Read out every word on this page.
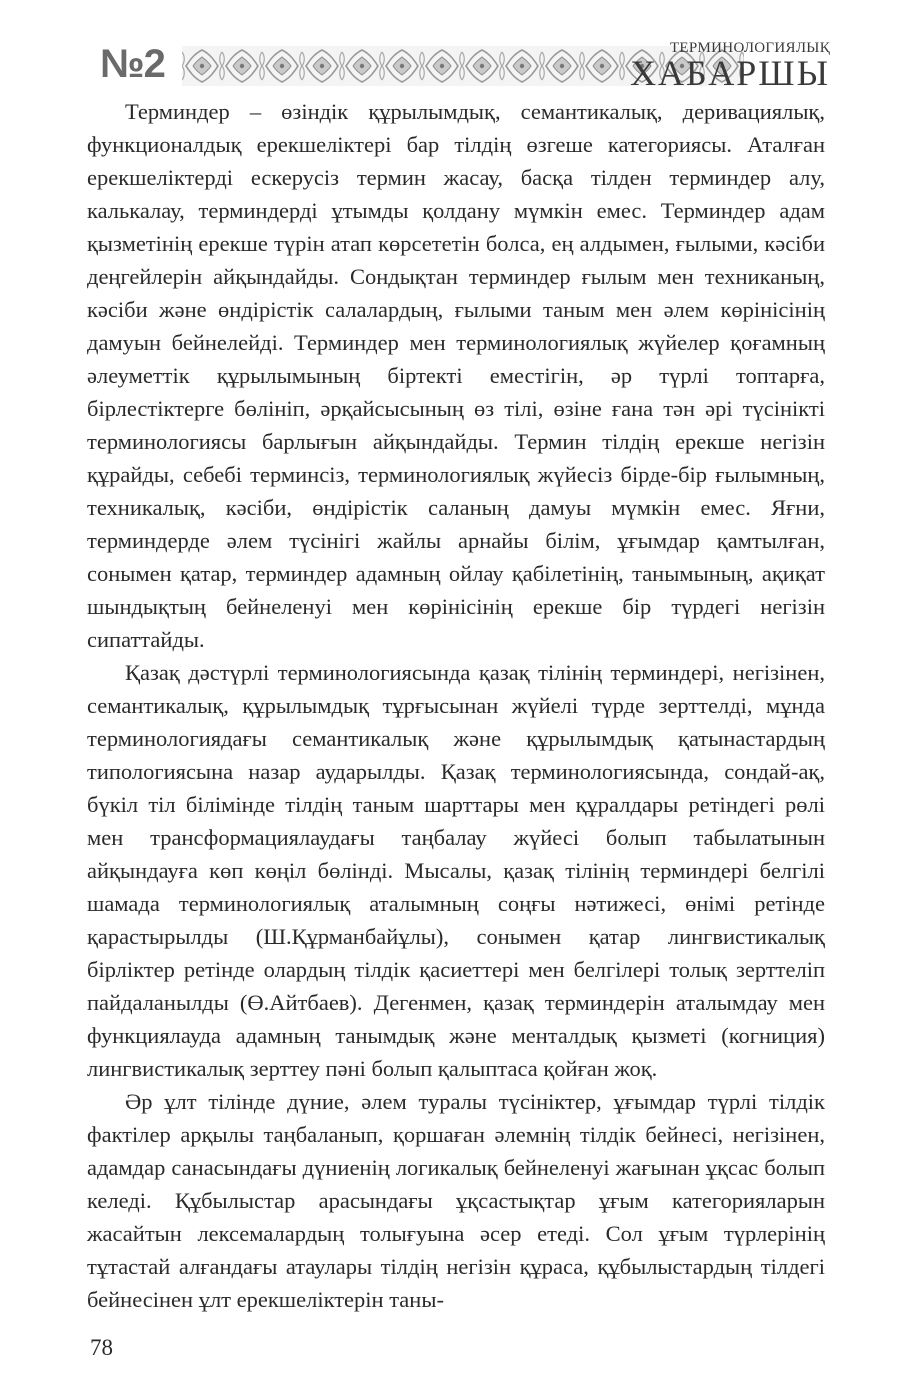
№2	ТЕРМИНОЛОГИЯЛЫҚ
ХАБАРШЫ

Терминдер – өзіндік құрылымдық, семантикалық, деривациялық, функционалдық ерекшеліктері бар тілдің өзгеше категориясы. Аталған ерекшеліктерді ескерусіз термин жасау, басқа тілден терминдер алу, калькалау, терминдерді ұтымды қолдану мүмкін емес. Терминдер адам қызметінің ерекше түрін атап көрсететін болса, ең алдымен, ғылыми, кәсіби деңгейлерін айқындайды. Сондықтан терминдер ғылым мен техниканың, кәсіби және өндірістік салалардың, ғылыми таным мен әлем көрінісінің дамуын бейнелейді. Терминдер мен терминологиялық жүйелер қоғамның әлеуметтік құрылымының біртекті еместігін, әр түрлі топтарға, бірлестіктерге бөлініп, әрқайсысының өз тілі, өзіне ғана тән әрі түсінікті терминологиясы барлығын айқындайды. Термин тілдің ерекше негізін құрайды, себебі терминсіз, терминологиялық жүйесіз бірде-бір ғылымның, техникалық, кәсіби, өндірістік саланың дамуы мүмкін емес. Яғни, терминдерде әлем түсінігі жайлы арнайы білім, ұғымдар қамтылған, сонымен қатар, терминдер адамның ойлау қабілетінің, танымының, ақиқат шындықтың бейнеленуі мен көрінісінің ерекше бір түрдегі негізін сипаттайды.

Қазақ дәстүрлі терминологиясында қазақ тілінің терминдері, негізінен, семантикалық, құрылымдық тұрғысынан жүйелі түрде зерттелді, мұнда терминологиядағы семантикалық және құрылымдық қатынастардың типологиясына назар аударылды. Қазақ терминологиясында, сондай-ақ, бүкіл тіл білімінде тілдің таным шарттары мен құралдары ретіндегі рөлі мен трансформациялаудағы таңбалау жүйесі болып табылатынын айқындауға көп көңіл бөлінді. Мысалы, қазақ тілінің терминдері белгілі шамада терминологиялық аталымның соңғы нәтижесі, өнімі ретінде қарастырылды (Ш.Құрманбайұлы), сонымен қатар лингвистикалық бірліктер ретінде олардың тілдік қасиеттері мен белгілері толық зерттеліп пайдаланылды (Ө.Айтбаев). Дегенмен, қазақ терминдерін аталымдау мен функциялауда адамның танымдық және менталдық қызметі (когниция) лингвистикалық зерттеу пәні болып қалыптаса қойған жоқ.

Әр ұлт тілінде дүние, әлем туралы түсініктер, ұғымдар түрлі тілдік фактілер арқылы таңбаланып, қоршаған әлемнің тілдік бейнесі, негізінен, адамдар санасындағы дүниенің логикалық бейнеленуі жағынан ұқсас болып келеді. Құбылыстар арасындағы ұқсастықтар ұғым категорияларын жасайтын лексемалардың толығуына әсер етеді. Сол ұғым түрлерінің тұтастай алғандағы атаулары тілдің негізін құраса, құбылыстардың тілдегі бейнесінен ұлт ерекшеліктерін таны-

78
